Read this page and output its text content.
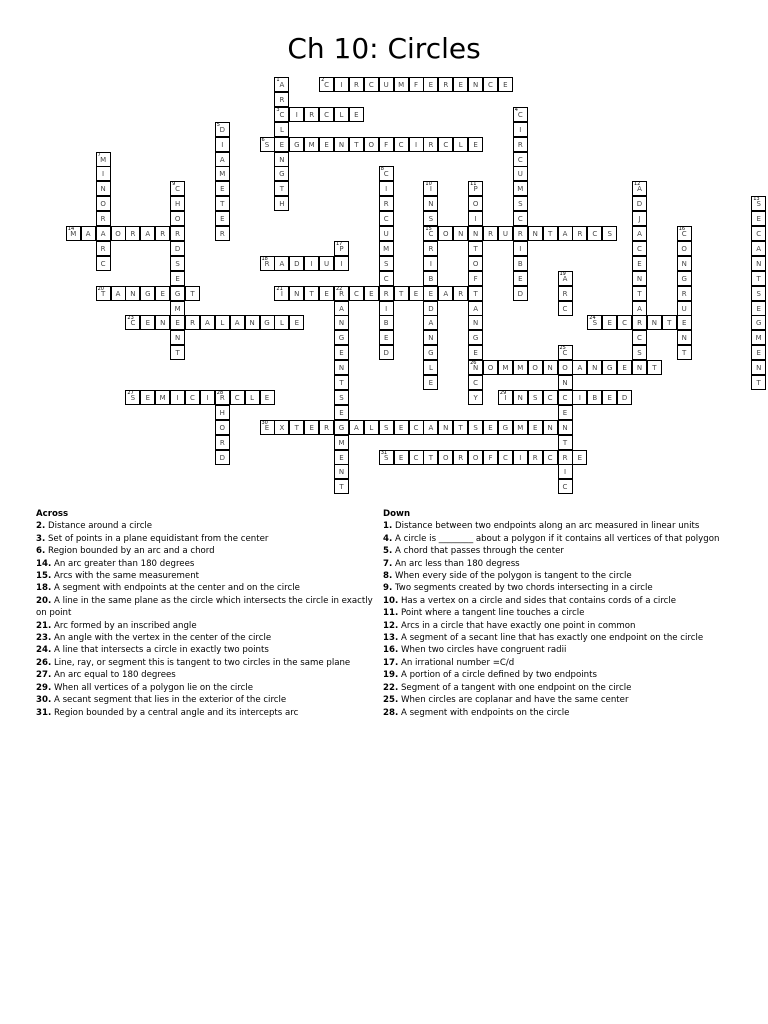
Ch 10: Circles
A
1
R
C
3
L
E
N
G
T
H
C
2
I	R	C	U	M	F	E	R	E	N	C	E
I	R	C	L	E	C
4
I
R
C
U
M
S
C
R
I
B
E
D
D
5
I
A
M
E
T
E
R
S
6
G	M	E	N	T	O	F	C	I	R	C	L	E
M
7
I
N
O
R
A
R
C
C
8
I
R
C
U
M
S
C
R
I
B
E
D
C
9
H
O
R
D
S
E
G
M
E
N
T
I
10
N
S
C
15
R
I
B
E
D
A
N
G
L
E
P
11
O
I
N
T
O
F
T
A
N
G
E
N
26
C
Y
A
12
D
J
A
C
E
N
T
A
R
C
S
S
13
E
C
A
N
T
S
E
G
M
E
N
T
M
14
A	O	R	A	R	O	N	R	U	N	T	A	R	C	S	C
16
O
N
G
R
U
E
N
T
P
17
I
R
18
A	D	I	U
A
19
R
C
T
20
A	N	G	E	T	I
21
N	T	E	R
22
C	E	T	E	A	R
A
N
G
E
N
T
S
E
G
M
E
N
T
C
23
E	N	R	A	L	A	N	G	L	E	S
24
E	C	N	T
C
25
O
N
C
E
N
T
R
I
C
O	M	M	O	N	A	N	G	E	N	T
S
27
E	M	I	C	I	R
28
C	L	E
H
O
R
D
I
29
N	S	C	I	B	E	D
E
30
X	T	E	R	A	L	S	E	C	A	N	T	S	E	G	M	E	N
S
31
E	C	T	O	R	O	F	C	I	R	C	E
Across
2. Distance around a circle
3. Set of points in a plane equidistant from the center
6. Region bounded by an arc and a chord
14. An arc greater than 180 degrees
15. Arcs with the same measurement
18. A segment with endpoints at the center and on the circle
20. A line in the same plane as the circle which intersects the circle in exactly on point
21. Arc formed by an inscribed angle
23. An angle with the vertex in the center of the circle
24. A line that intersects a circle in exactly two points
26. Line, ray, or segment this is tangent to two circles in the same plane
27. An arc equal to 180 degrees
29. When all vertices of a polygon lie on the circle
30. A secant segment that lies in the exterior of the circle
31. Region bounded by a central angle and its intercepts arc
Down
1. Distance between two endpoints along an arc measured in linear units
4. A circle is ________ about a polygon if it contains all vertices of that polygon
5. A chord that passes through the center
7. An arc less than 180 degress
8. When every side of the polygon is tangent to the circle
9. Two segments created by two chords intersecting in a circle
10. Has a vertex on a circle and sides that contains cords of a circle
11. Point where a tangent line touches a circle
12. Arcs in a circle that have exactly one point in common
13. A segment of a secant line that has exactly one endpoint on the circle
16. When two circles have congruent radii
17. An irrational number =C/d
19. A portion of a circle defined by two endpoints
22. Segment of a tangent with one endpoint on the circle
25. When circles are coplanar and have the same center
28. A segment with endpoints on the circle
